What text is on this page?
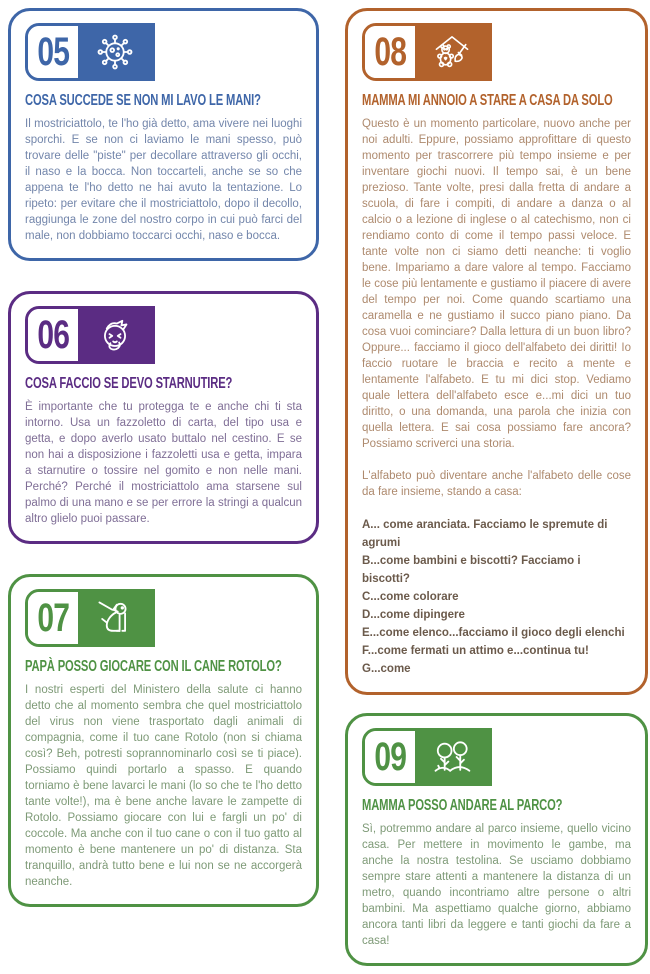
05
COSA SUCCEDE SE NON MI LAVO LE MANI?

Il mostriciattolo, te l'ho già detto, ama vivere nei luoghi sporchi. E se non ci laviamo le mani spesso, può trovare delle "piste" per decollare attraverso gli occhi, il naso e la bocca. Non toccarteli, anche se so che appena te l'ho detto ne hai avuto la tentazione. Lo ripeto: per evitare che il mostriciattolo, dopo il decollo, raggiunga le zone del nostro corpo in cui può farci del male, non dobbiamo toccarci occhi, naso e bocca.

06
COSA FACCIO SE DEVO STARNUTIRE?

È importante che tu protegga te e anche chi ti sta intorno. Usa un fazzoletto di carta, del tipo usa e getta, e dopo averlo usato buttalo nel cestino. E se non hai a disposizione i fazzoletti usa e getta, impara a starnutire o tossire nel gomito e non nelle mani. Perché? Perché il mostriciattolo ama starsene sul palmo di una mano e se per errore la stringi a qualcun altro glielo puoi passare.

07
PAPÀ POSSO GIOCARE CON IL CANE ROTOLO?

I nostri esperti del Ministero della salute ci hanno detto che al momento sembra che quel mostriciattolo del virus non viene trasportato dagli animali di compagnia, come il tuo cane Rotolo (non si chiama così? Beh, potresti soprannominarlo così se ti piace). Possiamo quindi portarlo a spasso. E quando torniamo è bene lavarci le mani (lo so che te l'ho detto tante volte!), ma è bene anche lavare le zampette di Rotolo. Possiamo giocare con lui e fargli un po' di coccole. Ma anche con il tuo cane o con il tuo gatto al momento è bene mantenere un po' di distanza. Sta tranquillo, andrà tutto bene e lui non se ne accorgerà neanche.

08
MAMMA MI ANNOIO A STARE A CASA DA SOLO

Questo è un momento particolare, nuovo anche per noi adulti. Eppure, possiamo approfittare di questo momento per trascorrere più tempo insieme e per inventare giochi nuovi. Il tempo sai, è un bene prezioso. Tante volte, presi dalla fretta di andare a scuola, di fare i compiti, di andare a danza o al calcio o a lezione di inglese o al catechismo, non ci rendiamo conto di come il tempo passi veloce. E tante volte non ci siamo detti neanche: ti voglio bene. Impariamo a dare valore al tempo. Facciamo le cose più lentamente e gustiamo il piacere di avere del tempo per noi. Come quando scartiamo una caramella e ne gustiamo il succo piano piano. Da cosa vuoi cominciare? Dalla lettura di un buon libro? Oppure... facciamo il gioco dell'alfabeto dei diritti! Io faccio ruotare le braccia e recito a mente e lentamente l'alfabeto. E tu mi dici stop. Vediamo quale lettera dell'alfabeto esce e...mi dici un tuo diritto, o una domanda, una parola che inizia con quella lettera. E sai cosa possiamo fare ancora? Possiamo scriverci una storia.

L'alfabeto può diventare anche l'alfabeto delle cose da fare insieme, stando a casa:

A... come aranciata. Facciamo le spremute di agrumi
B...come bambini e biscotti? Facciamo i biscotti?
C...come colorare
D...come dipingere
E...come elenco...facciamo il gioco degli elenchi
F...come fermati un attimo e...continua tu!
G...come
09
MAMMA POSSO ANDARE AL PARCO?

Sì, potremmo andare al parco insieme, quello vicino casa. Per mettere in movimento le gambe, ma anche la nostra testolina. Se usciamo dobbiamo sempre stare attenti a mantenere la distanza di un metro, quando incontriamo altre persone o altri bambini. Ma aspettiamo qualche giorno, abbiamo ancora tanti libri da leggere e tanti giochi da fare a casa!
